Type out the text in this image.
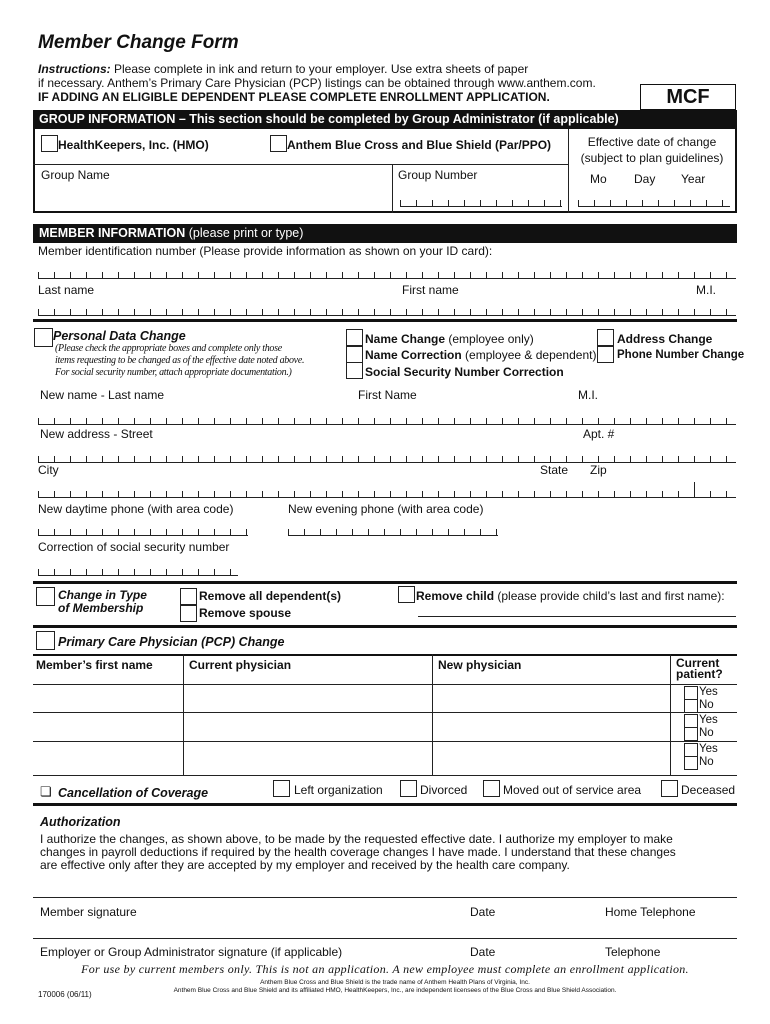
Member Change Form
Instructions: Please complete in ink and return to your employer. Use extra sheets of paper
if necessary. Anthem’s Primary Care Physician (PCP) listings can be obtained through www.anthem.com.
IF ADDING AN ELIGIBLE DEPENDENT PLEASE COMPLETE ENROLLMENT APPLICATION.	MCF
GROUP INFORMATION – This section should be completed by Group Administrator (if applicable)
HealthKeepers, Inc. (HMO)	Anthem Blue Cross and Blue Shield (Par/PPO)	Effective date of change
(subject to plan guidelines)
Mo Day Year
Group Name	Group Number
MEMBER INFORMATION (please print or type)
Member identification number (Please provide information as shown on your ID card):
Last name	First name	M.I.
Personal Data Change
(Please check the appropriate boxes and complete only those
items requesting to be changed as of the effective date noted above.
For social security number, attach appropriate documentation.)
Name Change (employee only)
Name Correction (employee & dependent)
Social Security Number Correction
Address Change
Phone Number Change
New name - Last name	First Name	M.I.
New address - Street	Apt. #
City	State Zip
New daytime phone (with area code)	New evening phone (with area code)
Correction of social security number
Change in Type
of Membership
Remove all dependent(s)
Remove spouse
Remove child (please provide child’s last and first name):
Primary Care Physician (PCP) Change
Member’s first name	Current physician	New physician	Current
patient?
Yes
No
Yes
No
Yes
No
❏ Cancellation of Coverage	Left organization	Divorced	Moved out of service area	Deceased
Authorization
I authorize the changes, as shown above, to be made by the requested effective date. I authorize my employer to make
changes in payroll deductions if required by the health coverage changes I have made. I understand that these changes
are effective only after they are accepted by my employer and received by the health care company.
Member signature	Date	Home Telephone
Employer or Group Administrator signature (if applicable)	Date	Telephone
For use by current members only. This is not an application. A new employee must complete an enrollment application.
Anthem Blue Cross and Blue Shield is the trade name of Anthem Health Plans of Virginia, Inc.
Anthem Blue Cross and Blue Shield and its affiliated HMO, HealthKeepers, Inc., are independent licensees of the Blue Cross and Blue Shield Association.
170006 (06/11)
